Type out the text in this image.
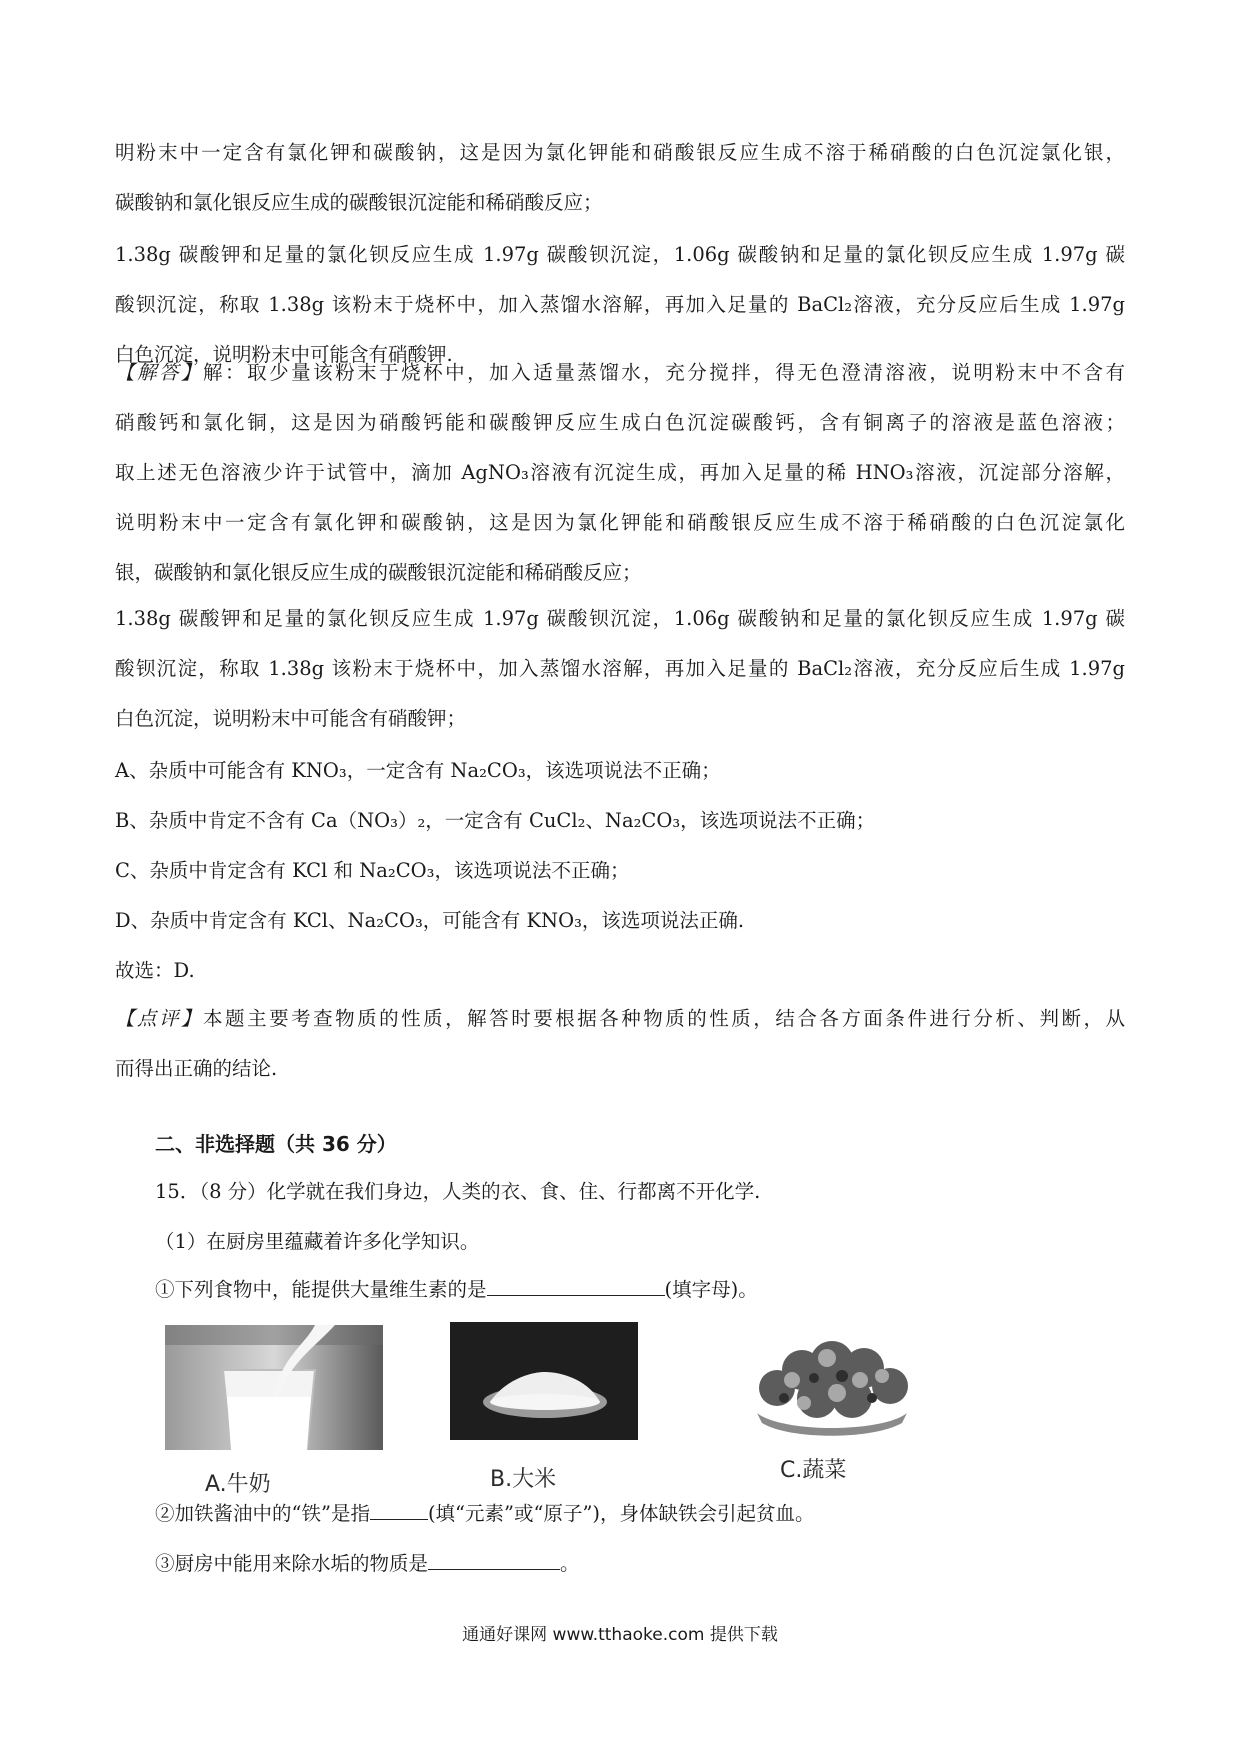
明粉末中一定含有氯化钾和碳酸钠，这是因为氯化钾能和硝酸银反应生成不溶于稀硝酸的白色沉淀氯化银，
碳酸钠和氯化银反应生成的碳酸银沉淀能和稀硝酸反应；
1.38g 碳酸钾和足量的氯化钡反应生成 1.97g 碳酸钡沉淀，1.06g 碳酸钠和足量的氯化钡反应生成 1.97g 碳
酸钡沉淀，称取 1.38g 该粉末于烧杯中，加入蒸馏水溶解，再加入足量的 BaCl₂溶液，充分反应后生成 1.97g
白色沉淀，说明粉末中可能含有硝酸钾.
【解答】解：取少量该粉末于烧杯中，加入适量蒸馏水，充分搅拌，得无色澄清溶液，说明粉末中不含有
硝酸钙和氯化铜，这是因为硝酸钙能和碳酸钾反应生成白色沉淀碳酸钙，含有铜离子的溶液是蓝色溶液；
取上述无色溶液少许于试管中，滴加 AgNO₃溶液有沉淀生成，再加入足量的稀 HNO₃溶液，沉淀部分溶解，
说明粉末中一定含有氯化钾和碳酸钠，这是因为氯化钾能和硝酸银反应生成不溶于稀硝酸的白色沉淀氯化
银，碳酸钠和氯化银反应生成的碳酸银沉淀能和稀硝酸反应；
1.38g 碳酸钾和足量的氯化钡反应生成 1.97g 碳酸钡沉淀，1.06g 碳酸钠和足量的氯化钡反应生成 1.97g 碳
酸钡沉淀，称取 1.38g 该粉末于烧杯中，加入蒸馏水溶解，再加入足量的 BaCl₂溶液，充分反应后生成 1.97g
白色沉淀，说明粉末中可能含有硝酸钾；
A、杂质中可能含有 KNO₃，一定含有 Na₂CO₃，该选项说法不正确；
B、杂质中肯定不含有 Ca（NO₃）₂，一定含有 CuCl₂、Na₂CO₃，该选项说法不正确；
C、杂质中肯定含有 KCl 和 Na₂CO₃，该选项说法不正确；
D、杂质中肯定含有 KCl、Na₂CO₃，可能含有 KNO₃，该选项说法正确.
故选：D.
【点评】本题主要考查物质的性质，解答时要根据各种物质的性质，结合各方面条件进行分析、判断，从
而得出正确的结论.
二、非选择题（共 36 分）
15．（8 分）化学就在我们身边，人类的衣、食、住、行都离不开化学.
（1）在厨房里蕴藏着许多化学知识。
①下列食物中，能提供大量维生素的是	(填字母)。
A.牛奶	B.大米	C.蔬菜
②加铁酱油中的“铁”是指	(填“元素”或“原子”)，身体缺铁会引起贫血。
③厨房中能用来除水垢的物质是	。
通通好课网 www.tthaoke.com 提供下载
